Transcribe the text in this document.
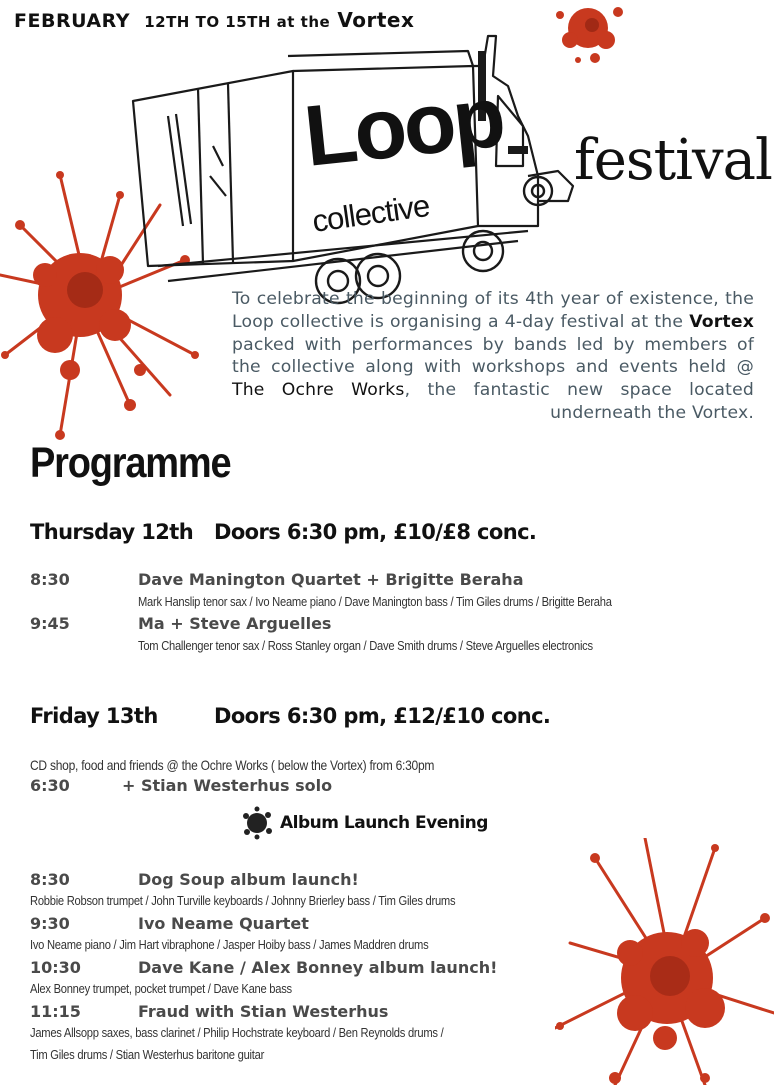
FEBRUARY 12TH TO 15TH at the Vortex
Loop
collective
festival
To celebrate the beginning of its 4th year of existence, the Loop collective is organising a 4-day festival at the Vortex packed with performances by bands led by members of the collective along with workshops and events held @ The Ochre Works, the fantastic new space located underneath the Vortex.
Programme
Thursday 12th Doors 6:30 pm, £10/£8 conc.
8:30	Dave Manington Quartet + Brigitte Beraha
Mark Hanslip tenor sax / Ivo Neame piano / Dave Manington bass / Tim Giles drums / Brigitte Beraha
9:45	Ma + Steve Arguelles
Tom Challenger tenor sax / Ross Stanley organ / Dave Smith drums / Steve Arguelles electronics
Friday 13th	Doors 6:30 pm, £12/£10 conc.
CD shop, food and friends @ the Ochre Works ( below the Vortex) from 6:30pm
6:30	+ Stian Westerhus solo
Album Launch Evening
8:30	Dog Soup album launch!
Robbie Robson trumpet / John Turville keyboards / Johnny Brierley bass / Tim Giles drums
9:30	Ivo Neame Quartet
Ivo Neame piano / Jim Hart vibraphone / Jasper Hoiby bass / James Maddren drums
10:30	Dave Kane / Alex Bonney album launch!
Alex Bonney trumpet, pocket trumpet / Dave Kane bass
11:15	Fraud with Stian Westerhus
James Allsopp saxes, bass clarinet / Philip Hochstrate keyboard / Ben Reynolds drums /
Tim Giles drums / Stian Westerhus baritone guitar
